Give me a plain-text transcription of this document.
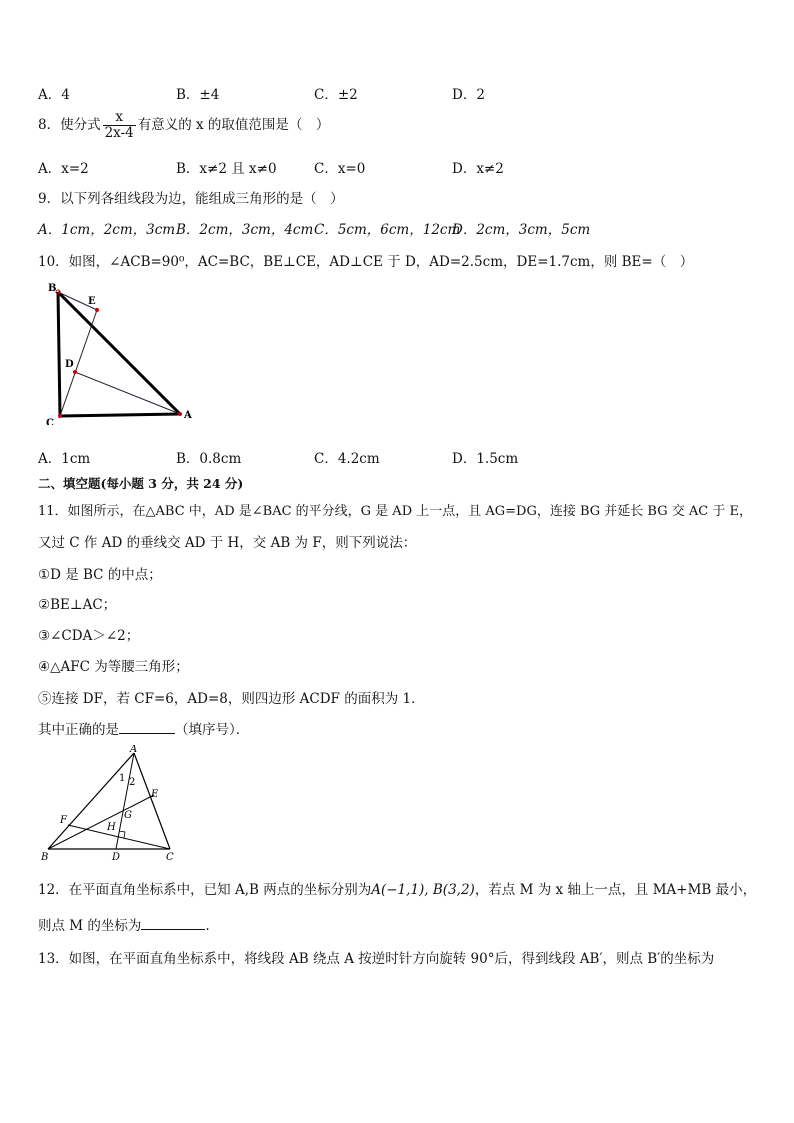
A．4	B．±4	C．±2	D．2
8．使分式 $\frac{x}{2x-4}$ 有意义的 x 的取值范围是（　）
A．x=2	B．x≠2 且 x≠0	C．x=0	D．x≠2
9．以下列各组线段为边，能组成三角形的是（　）
A．1cm，2cm，3cm B．2cm，3cm，4cm C．5cm，6cm，12cm
D．2cm，3cm，5cm
10．如图，∠ACB=90⁰，AC=BC，BE⊥CE，AD⊥CE 于 D，AD=2.5cm，DE=1.7cm，则 BE=（　）
B
E
D
C
A
A．1cm	B．0.8cm	C．4.2cm	D．1.5cm
二、填空题(每小题 3 分，共 24 分)
11．如图所示，在△ABC 中，AD 是∠BAC 的平分线，G 是 AD 上一点，且 AG=DG，连接 BG 并延长 BG 交 AC 于 E，
又过 C 作 AD 的垂线交 AD 于 H，交 AB 为 F，则下列说法：
①D 是 BC 的中点；
②BE⊥AC；
③∠CDA＞∠2；
④△AFC 为等腰三角形；
⑤连接 DF，若 CF=6，AD=8，则四边形 ACDF 的面积为 1．
其中正确的是	（填序号）．
A
1 2
E
F	G
H
B	D	C
12．在平面直角坐标系中，已知 A,B 两点的坐标分别为A(−1,1), B(3,2)，若点 M 为 x 轴上一点，且 MA+MB 最小，
则点 M 的坐标为	.
13．如图，在平面直角坐标系中，将线段 AB 绕点 A 按逆时针方向旋转 90°后，得到线段 AB′，则点 B′的坐标为
